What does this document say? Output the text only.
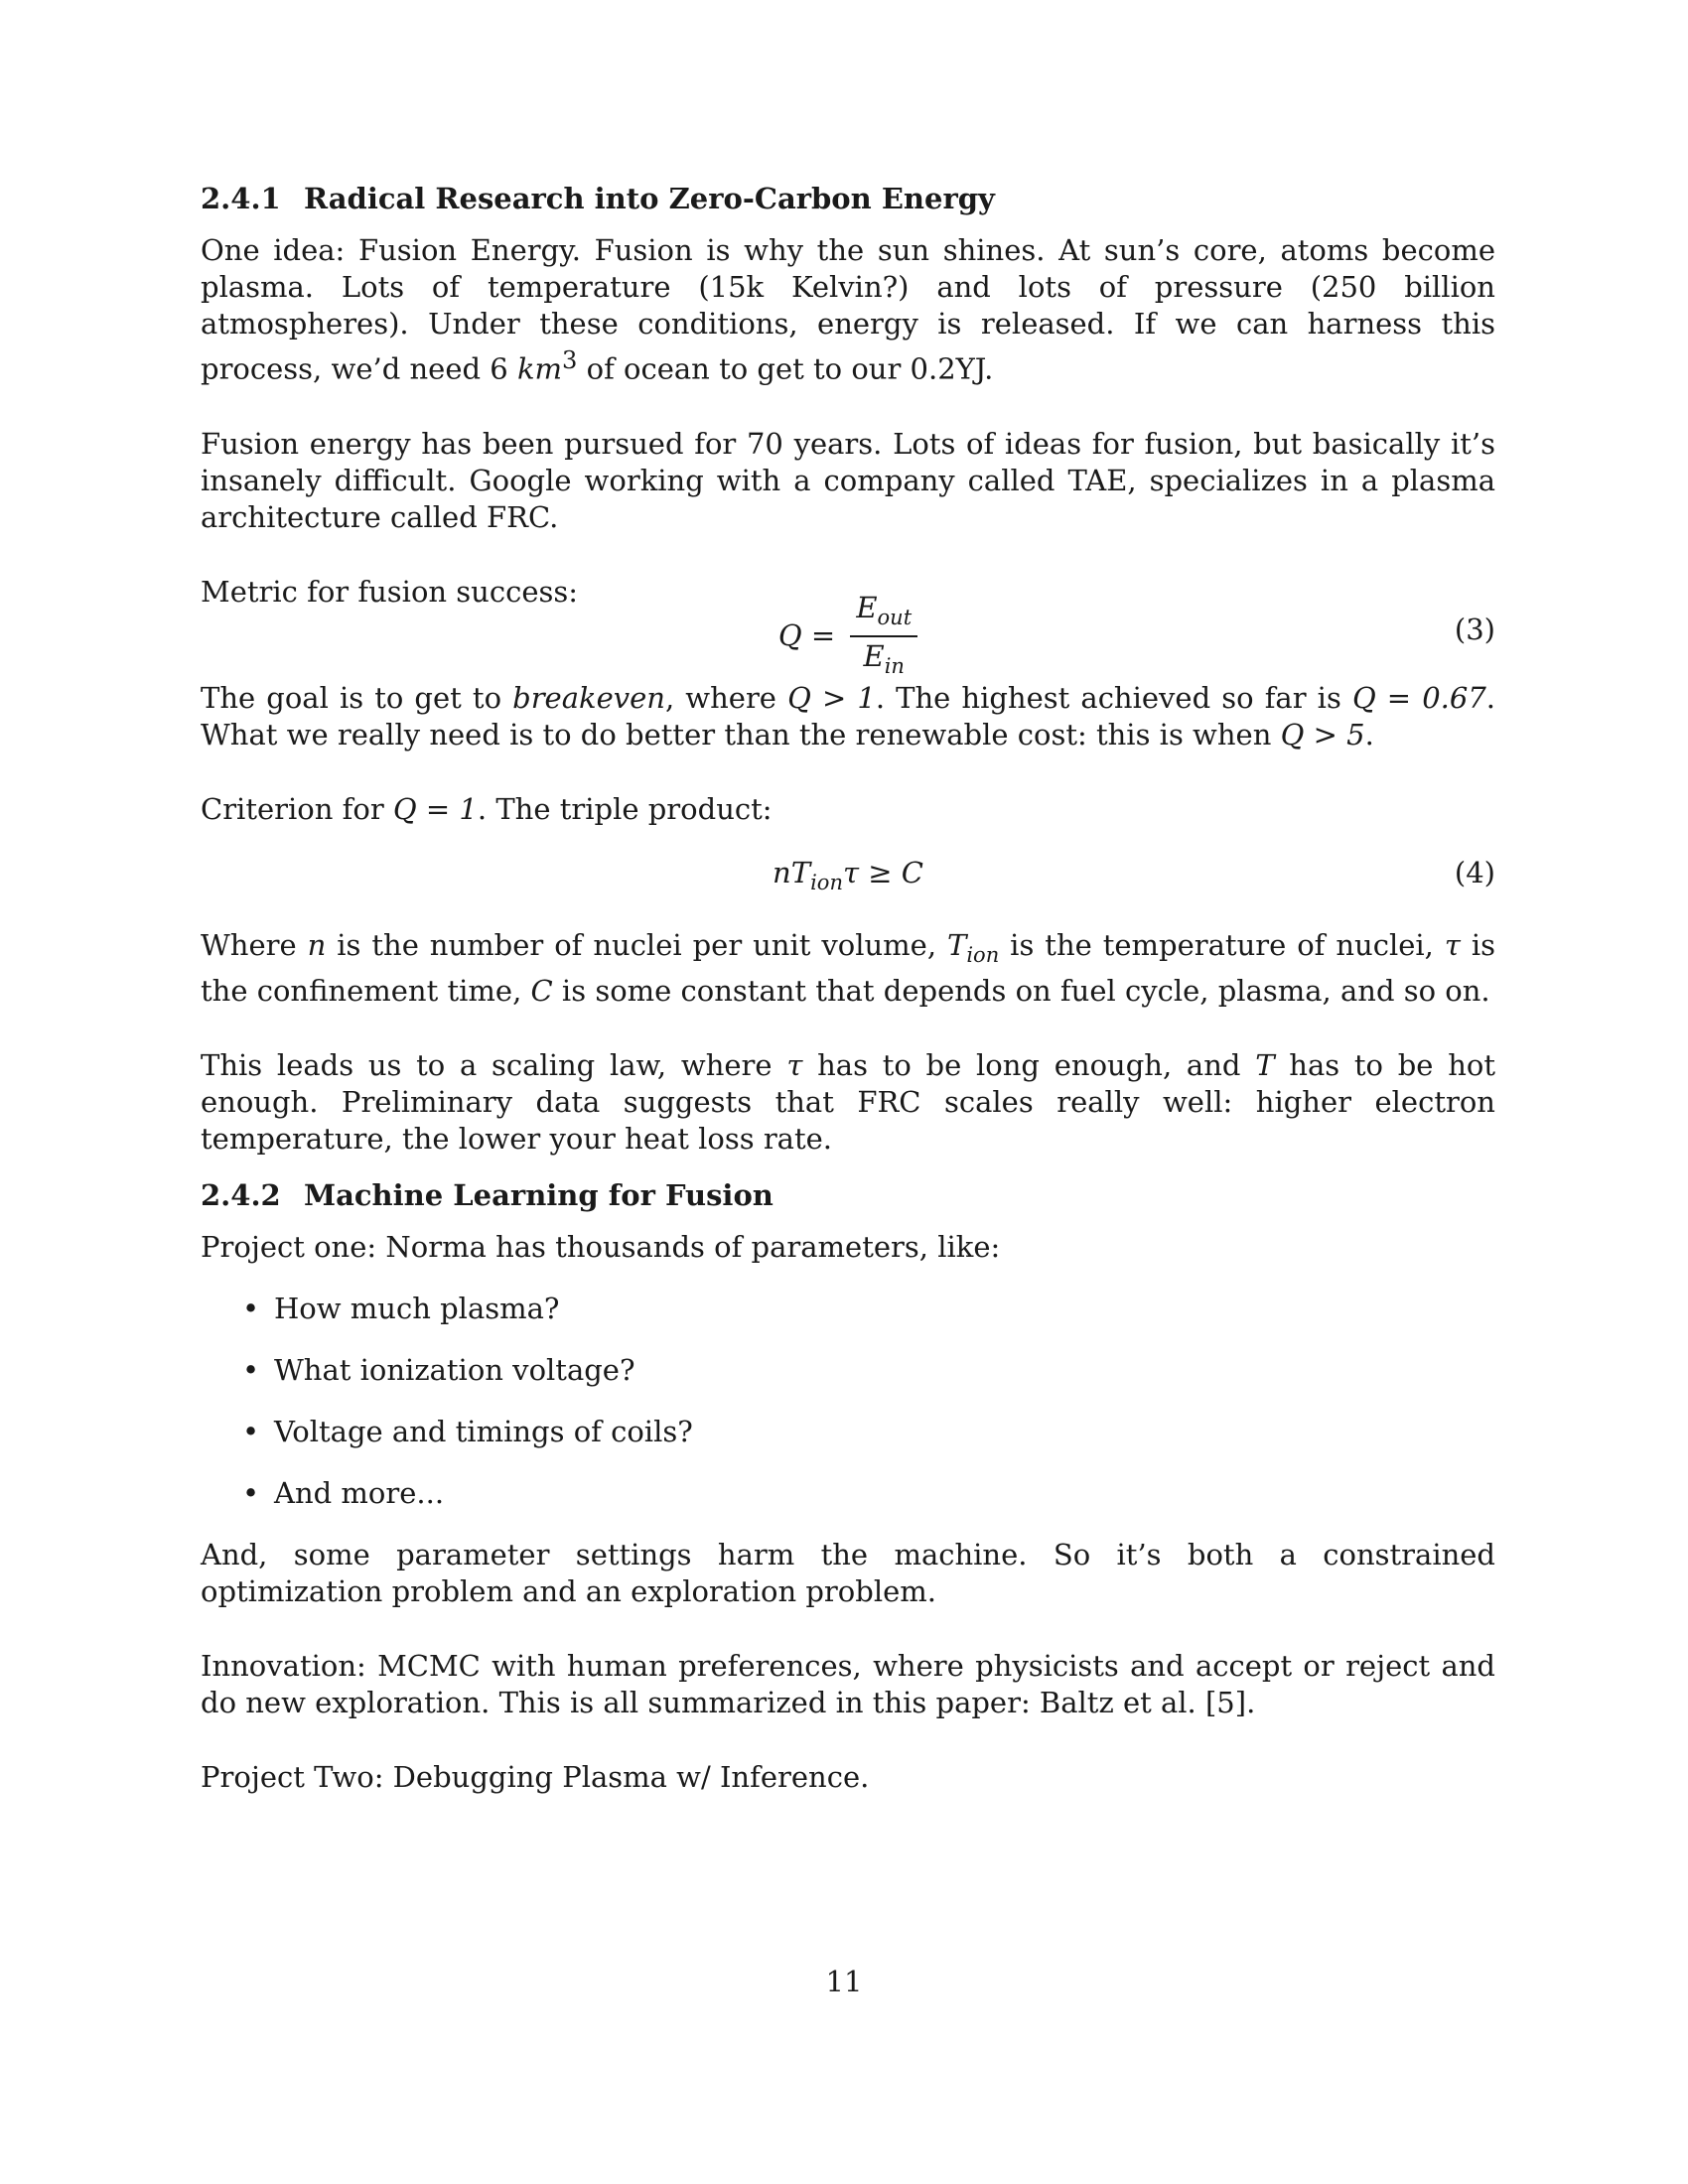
2.4.1 Radical Research into Zero-Carbon Energy

One idea: Fusion Energy. Fusion is why the sun shines. At sun’s core, atoms become plasma. Lots of temperature (15k Kelvin?) and lots of pressure (250 billion atmospheres). Under these conditions, energy is released. If we can harness this process, we’d need 6 $km^3$ of ocean to get to our 0.2YJ.

Fusion energy has been pursued for 70 years. Lots of ideas for fusion, but basically it’s insanely difficult. Google working with a company called TAE, specializes in a plasma architecture called FRC.

Metric for fusion success:

$Q = \frac{E_{out}}{E_{in}}$	(3)

The goal is to get to breakeven, where Q > 1. The highest achieved so far is Q = 0.67. What we really need is to do better than the renewable cost: this is when Q > 5.

Criterion for Q = 1. The triple product:

$nT_{ion}\tau \ge C$	(4)

Where n is the number of nuclei per unit volume, $T_{ion}$ is the temperature of nuclei, τ is the confinement time, C is some constant that depends on fuel cycle, plasma, and so on.

This leads us to a scaling law, where τ has to be long enough, and T has to be hot enough. Preliminary data suggests that FRC scales really well: higher electron temperature, the lower your heat loss rate.

2.4.2 Machine Learning for Fusion

Project one: Norma has thousands of parameters, like:

• How much plasma?
• What ionization voltage?
• Voltage and timings of coils?
• And more...

And, some parameter settings harm the machine. So it’s both a constrained optimization problem and an exploration problem.

Innovation: MCMC with human preferences, where physicists and accept or reject and do new exploration. This is all summarized in this paper: Baltz et al. [5].

Project Two: Debugging Plasma w/ Inference.

11
